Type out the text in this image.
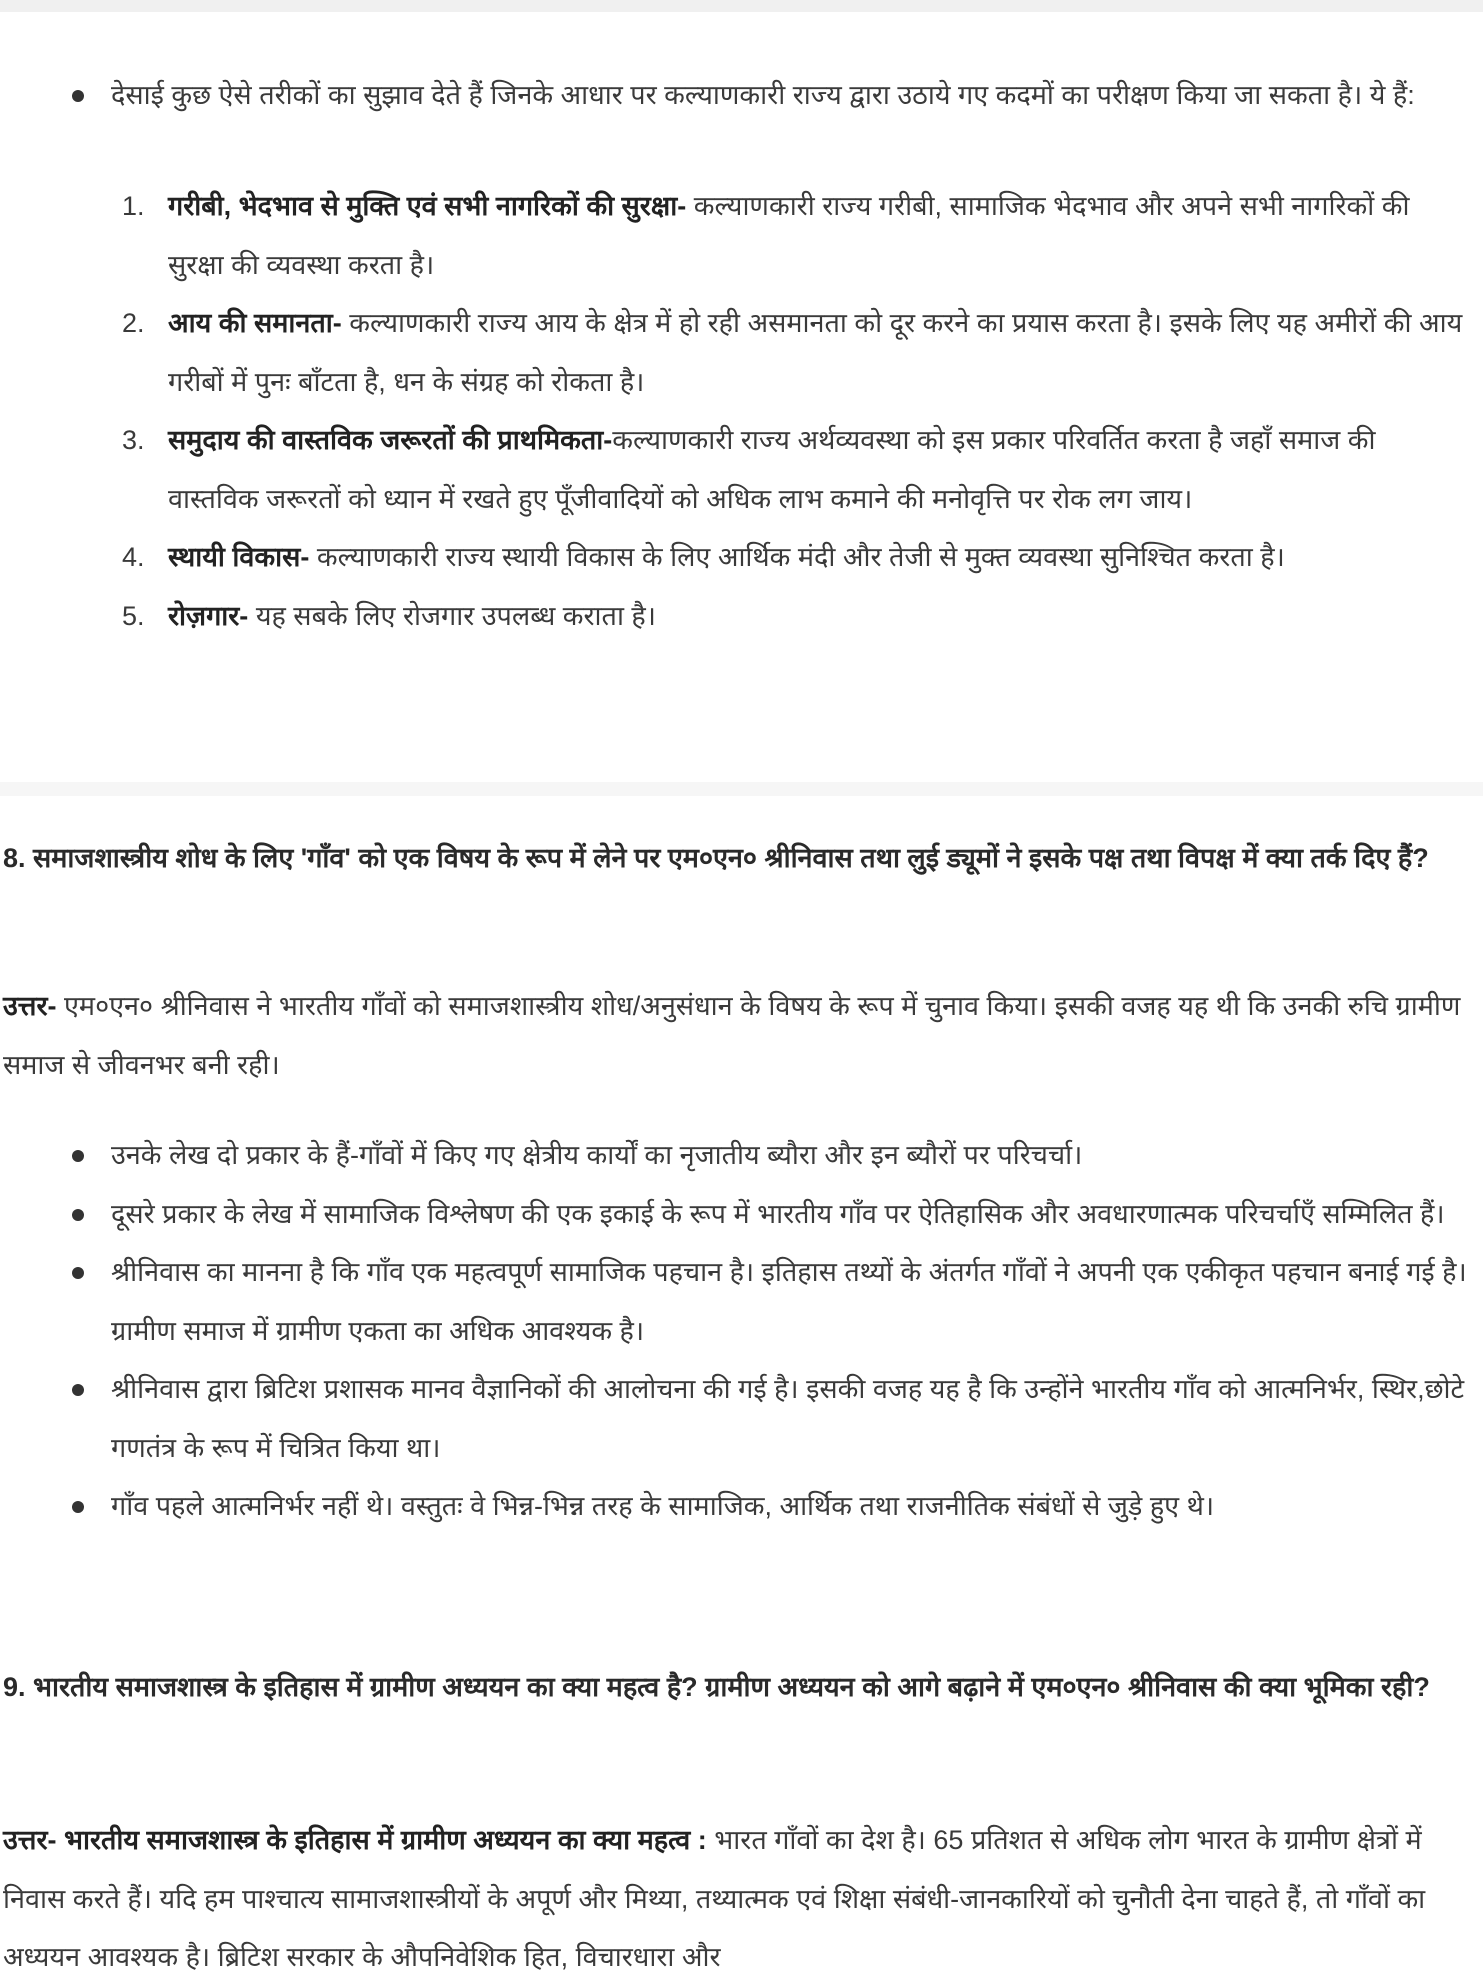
देसाई कुछ ऐसे तरीकों का सुझाव देते हैं जिनके आधार पर कल्याणकारी राज्य द्वारा उठाये गए कदमों का परीक्षण किया जा सकता है। ये हैं:
1. गरीबी, भेदभाव से मुक्ति एवं सभी नागरिकों की सुरक्षा- कल्याणकारी राज्य गरीबी, सामाजिक भेदभाव और अपने सभी नागरिकों की सुरक्षा की व्यवस्था करता है।
2. आय की समानता- कल्याणकारी राज्य आय के क्षेत्र में हो रही असमानता को दूर करने का प्रयास करता है। इसके लिए यह अमीरों की आय गरीबों में पुनः बाँटता है, धन के संग्रह को रोकता है।
3. समुदाय की वास्तविक जरूरतों की प्राथमिकता-कल्याणकारी राज्य अर्थव्यवस्था को इस प्रकार परिवर्तित करता है जहाँ समाज की वास्तविक जरूरतों को ध्यान में रखते हुए पूँजीवादियों को अधिक लाभ कमाने की मनोवृत्ति पर रोक लग जाय।
4. स्थायी विकास- कल्याणकारी राज्य स्थायी विकास के लिए आर्थिक मंदी और तेजी से मुक्त व्यवस्था सुनिश्चित करता है।
5. रोज़गार- यह सबके लिए रोजगार उपलब्ध कराता है।
8. समाजशास्त्रीय शोध के लिए 'गाँव' को एक विषय के रूप में लेने पर एम०एन० श्रीनिवास तथा लुई ड्यूमों ने इसके पक्ष तथा विपक्ष में क्या तर्क दिए हैं?
उत्तर- एम०एन० श्रीनिवास ने भारतीय गाँवों को समाजशास्त्रीय शोध/अनुसंधान के विषय के रूप में चुनाव किया। इसकी वजह यह थी कि उनकी रुचि ग्रामीण समाज से जीवनभर बनी रही।
उनके लेख दो प्रकार के हैं-गाँवों में किए गए क्षेत्रीय कार्यों का नृजातीय ब्यौरा और इन ब्यौरों पर परिचर्चा।
दूसरे प्रकार के लेख में सामाजिक विश्लेषण की एक इकाई के रूप में भारतीय गाँव पर ऐतिहासिक और अवधारणात्मक परिचर्चाएँ सम्मिलित हैं।
श्रीनिवास का मानना है कि गाँव एक महत्वपूर्ण सामाजिक पहचान है। इतिहास तथ्यों के अंतर्गत गाँवों ने अपनी एक एकीकृत पहचान बनाई गई है। ग्रामीण समाज में ग्रामीण एकता का अधिक आवश्यक है।
श्रीनिवास द्वारा ब्रिटिश प्रशासक मानव वैज्ञानिकों की आलोचना की गई है। इसकी वजह यह है कि उन्होंने भारतीय गाँव को आत्मनिर्भर, स्थिर,छोटे गणतंत्र के रूप में चित्रित किया था।
गाँव पहले आत्मनिर्भर नहीं थे। वस्तुतः वे भिन्न-भिन्न तरह के सामाजिक, आर्थिक तथा राजनीतिक संबंधों से जुड़े हुए थे।
9. भारतीय समाजशास्त्र के इतिहास में ग्रामीण अध्ययन का क्या महत्व है? ग्रामीण अध्ययन को आगे बढ़ाने में एम०एन० श्रीनिवास की क्या भूमिका रही?
उत्तर- भारतीय समाजशास्त्र के इतिहास में ग्रामीण अध्ययन का क्या महत्व : भारत गाँवों का देश है। 65 प्रतिशत से अधिक लोग भारत के ग्रामीण क्षेत्रों में निवास करते हैं। यदि हम पाश्चात्य सामाजशास्त्रीयों के अपूर्ण और मिथ्या, तथ्यात्मक एवं शिक्षा संबंधी-जानकारियों को चुनौती देना चाहते हैं, तो गाँवों का अध्ययन आवश्यक है। ब्रिटिश सरकार के औपनिवेशिक हित, विचारधारा और
